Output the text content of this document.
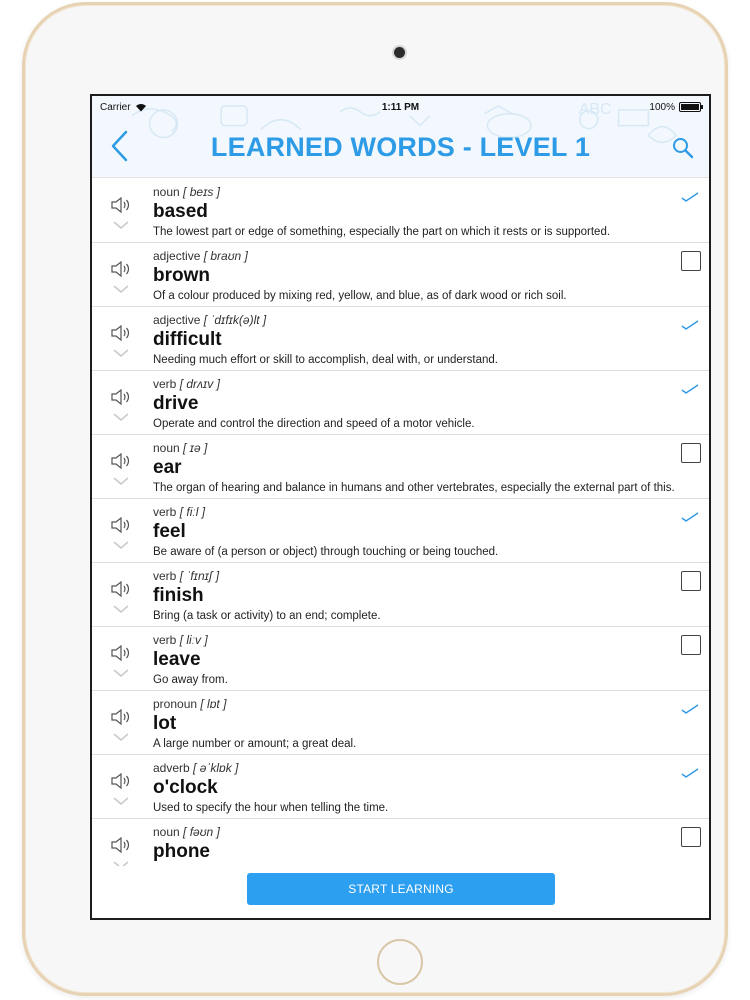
ABC
Carrier	1:11 PM	100%
LEARNED WORDS - LEVEL 1
noun [ beɪs ]
based
The lowest part or edge of something, especially the part on which it rests or is supported.
adjective [ braʊn ]
brown
Of a colour produced by mixing red, yellow, and blue, as of dark wood or rich soil.
adjective [ ˈdɪfɪk(ə)lt ]
difficult
Needing much effort or skill to accomplish, deal with, or understand.
verb [ drʌɪv ]
drive
Operate and control the direction and speed of a motor vehicle.
noun [ ɪə ]
ear
The organ of hearing and balance in humans and other vertebrates, especially the external part of this.
verb [ fiːl ]
feel
Be aware of (a person or object) through touching or being touched.
verb [ ˈfɪnɪʃ ]
finish
Bring (a task or activity) to an end; complete.
verb [ liːv ]
leave
Go away from.
pronoun [ lɒt ]
lot
A large number or amount; a great deal.
adverb [ əˈklɒk ]
o'clock
Used to specify the hour when telling the time.
noun [ fəʊn ]
phone
START LEARNING
